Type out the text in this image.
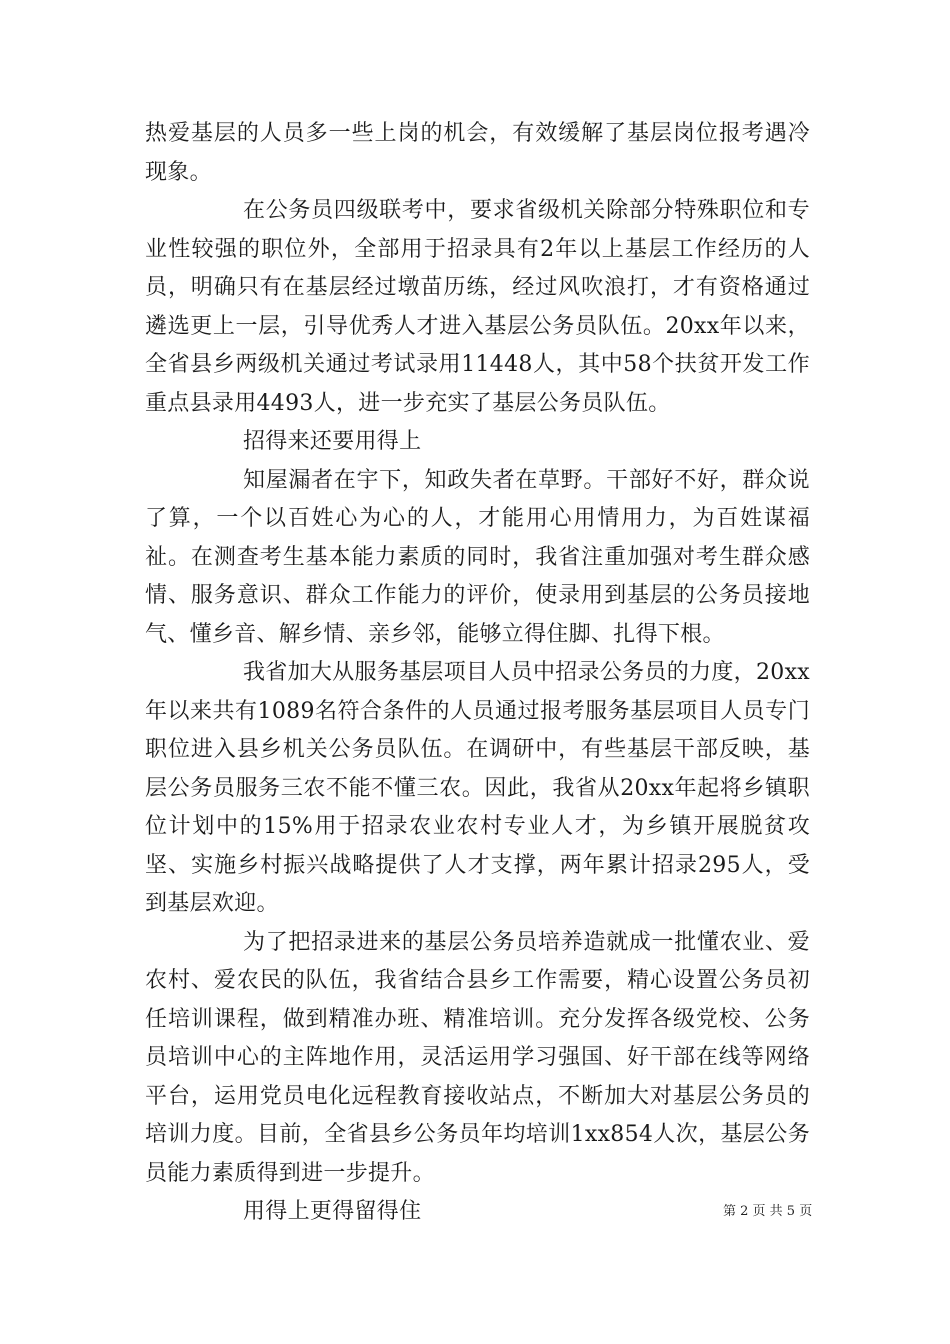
热爱基层的人员多一些上岗的机会，有效缓解了基层岗位报考遇冷现象。

在公务员四级联考中，要求省级机关除部分特殊职位和专业性较强的职位外，全部用于招录具有2年以上基层工作经历的人员，明确只有在基层经过墩苗历练，经过风吹浪打，才有资格通过遴选更上一层，引导优秀人才进入基层公务员队伍。20xx年以来，全省县乡两级机关通过考试录用11448人，其中58个扶贫开发工作重点县录用4493人，进一步充实了基层公务员队伍。

招得来还要用得上

知屋漏者在宇下，知政失者在草野。干部好不好，群众说了算，一个以百姓心为心的人，才能用心用情用力，为百姓谋福祉。在测查考生基本能力素质的同时，我省注重加强对考生群众感情、服务意识、群众工作能力的评价，使录用到基层的公务员接地气、懂乡音、解乡情、亲乡邻，能够立得住脚、扎得下根。

我省加大从服务基层项目人员中招录公务员的力度，20xx年以来共有1089名符合条件的人员通过报考服务基层项目人员专门职位进入县乡机关公务员队伍。在调研中，有些基层干部反映，基层公务员服务三农不能不懂三农。因此，我省从20xx年起将乡镇职位计划中的15%用于招录农业农村专业人才，为乡镇开展脱贫攻坚、实施乡村振兴战略提供了人才支撑，两年累计招录295人，受到基层欢迎。

为了把招录进来的基层公务员培养造就成一批懂农业、爱农村、爱农民的队伍，我省结合县乡工作需要，精心设置公务员初任培训课程，做到精准办班、精准培训。充分发挥各级党校、公务员培训中心的主阵地作用，灵活运用学习强国、好干部在线等网络平台，运用党员电化远程教育接收站点，不断加大对基层公务员的培训力度。目前，全省县乡公务员年均培训1xx854人次，基层公务员能力素质得到进一步提升。

用得上更得留得住	第 2 页 共 5 页
